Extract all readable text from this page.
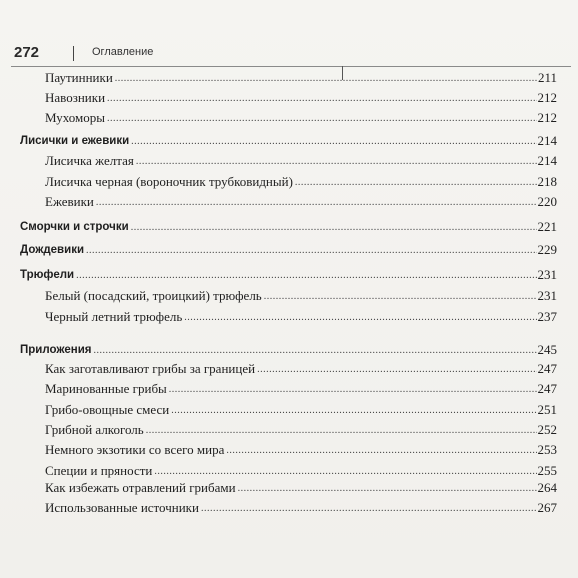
272	Оглавление
Паутинники .....	211
Навозники .....	212
Мухоморы .....	212
Лисички и ежевики .....	214
Лисичка желтая .....	214
Лисичка черная (вороночник трубковидный) .....	218
Ежевики .....	220
Сморчки и строчки .....	221
Дождевики .....	229
Трюфели .....	231
Белый (посадский, троицкий) трюфель .....	231
Черный летний трюфель .....	237
Приложения .....	245
Как заготавливают грибы за границей .....	247
Маринованные грибы .....	247
Грибо-овощные смеси .....	251
Грибной алкоголь .....	252
Немного экзотики со всего мира .....	253
Специи и пряности .....	255
Как избежать отравлений грибами .....	264
Использованные источники .....	267
